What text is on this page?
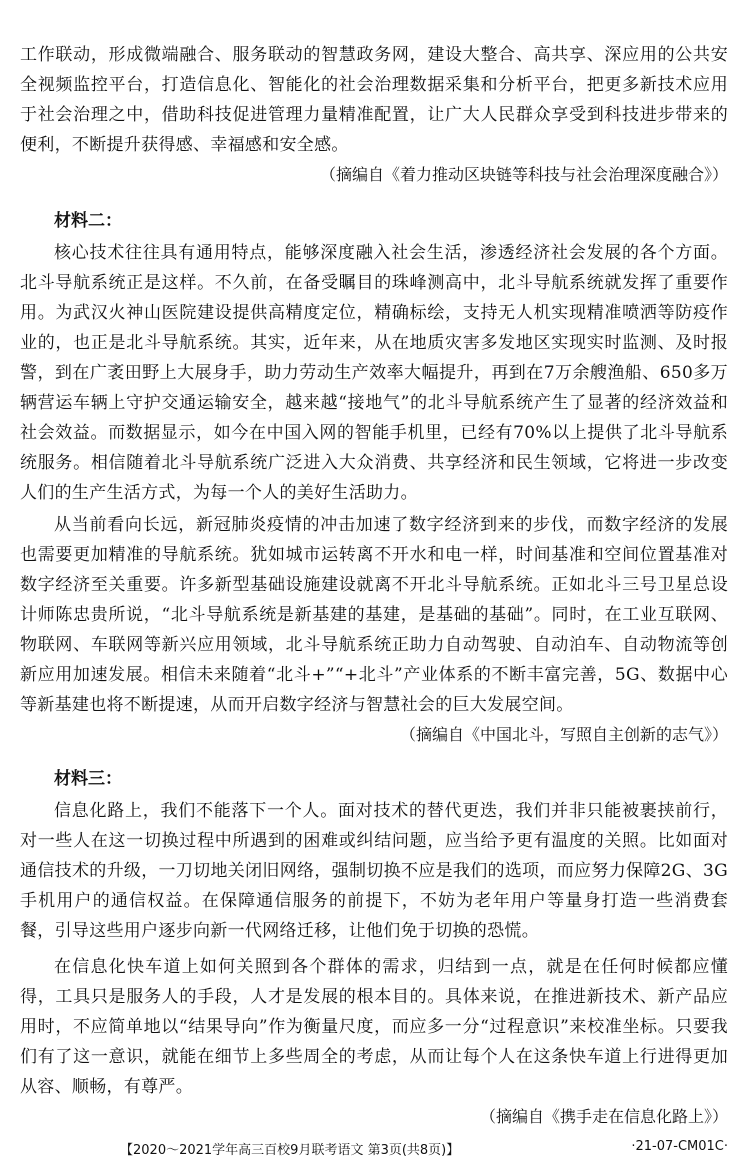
工作联动，形成微端融合、服务联动的智慧政务网，建设大整合、高共享、深应用的公共安全视频监控平台，打造信息化、智能化的社会治理数据采集和分析平台，把更多新技术应用于社会治理之中，借助科技促进管理力量精准配置，让广大人民群众享受到科技进步带来的便利，不断提升获得感、幸福感和安全感。

（摘编自《着力推动区块链等科技与社会治理深度融合》）

材料二：

核心技术往往具有通用特点，能够深度融入社会生活，渗透经济社会发展的各个方面。北斗导航系统正是这样。不久前，在备受瞩目的珠峰测高中，北斗导航系统就发挥了重要作用。为武汉火神山医院建设提供高精度定位，精确标绘，支持无人机实现精准喷洒等防疫作业的，也正是北斗导航系统。其实，近年来，从在地质灾害多发地区实现实时监测、及时报警，到在广袤田野上大展身手，助力劳动生产效率大幅提升，再到在7万余艘渔船、650多万辆营运车辆上守护交通运输安全，越来越“接地气”的北斗导航系统产生了显著的经济效益和社会效益。而数据显示，如今在中国入网的智能手机里，已经有70%以上提供了北斗导航系统服务。相信随着北斗导航系统广泛进入大众消费、共享经济和民生领域，它将进一步改变人们的生产生活方式，为每一个人的美好生活助力。

从当前看向长远，新冠肺炎疫情的冲击加速了数字经济到来的步伐，而数字经济的发展也需要更加精准的导航系统。犹如城市运转离不开水和电一样，时间基准和空间位置基准对数字经济至关重要。许多新型基础设施建设就离不开北斗导航系统。正如北斗三号卫星总设计师陈忠贵所说，“北斗导航系统是新基建的基建，是基础的基础”。同时，在工业互联网、物联网、车联网等新兴应用领域，北斗导航系统正助力自动驾驶、自动泊车、自动物流等创新应用加速发展。相信未来随着“北斗+”“+北斗”产业体系的不断丰富完善，5G、数据中心等新基建也将不断提速，从而开启数字经济与智慧社会的巨大发展空间。

（摘编自《中国北斗，写照自主创新的志气》）

材料三：

信息化路上，我们不能落下一个人。面对技术的替代更迭，我们并非只能被裹挟前行，对一些人在这一切换过程中所遇到的困难或纠结问题，应当给予更有温度的关照。比如面对通信技术的升级，一刀切地关闭旧网络，强制切换不应是我们的选项，而应努力保障2G、3G手机用户的通信权益。在保障通信服务的前提下，不妨为老年用户等量身打造一些消费套餐，引导这些用户逐步向新一代网络迁移，让他们免于切换的恐慌。

在信息化快车道上如何关照到各个群体的需求，归结到一点，就是在任何时候都应懂得，工具只是服务人的手段，人才是发展的根本目的。具体来说，在推进新技术、新产品应用时，不应简单地以“结果导向”作为衡量尺度，而应多一分“过程意识”来校准坐标。只要我们有了这一意识，就能在细节上多些周全的考虑，从而让每个人在这条快车道上行进得更加从容、顺畅，有尊严。

（摘编自《携手走在信息化路上》）

【2020～2021学年高三百校9月联考语文 第3页(共8页)】	·21-07-CM01C·
